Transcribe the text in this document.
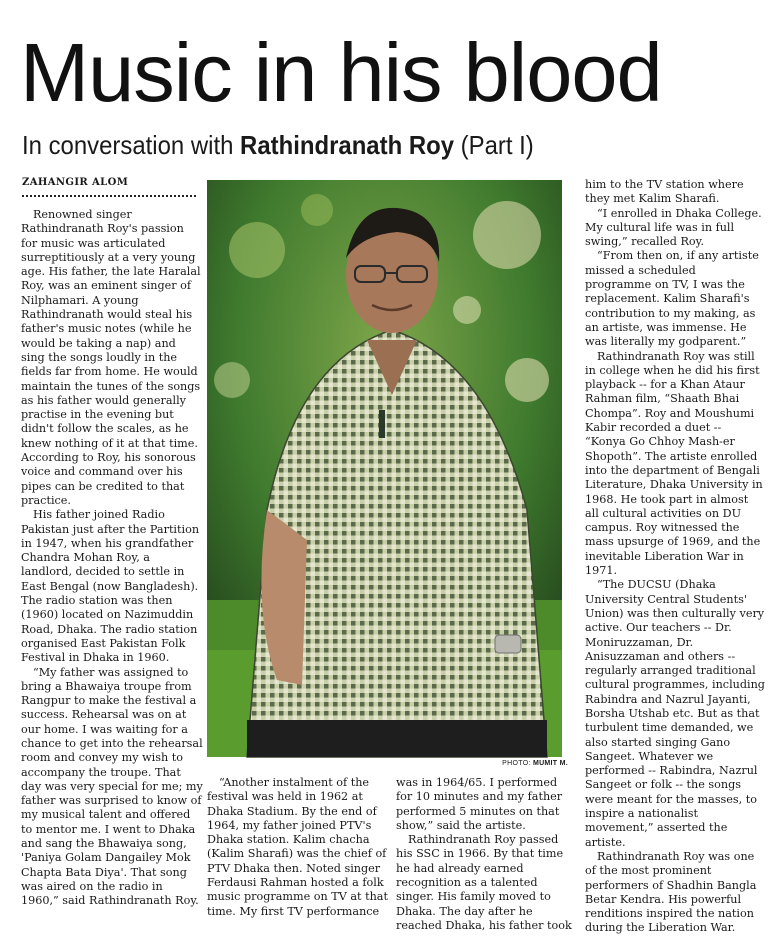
Music in his blood
In conversation with Rathindranath Roy (Part I)
ZAHANGIR ALOM

Renowned singer Rathindranath Roy's passion for music was articulated surreptitiously at a very young age. His father, the late Haralal Roy, was an eminent singer of Nilphamari. A young Rathindranath would steal his father's music notes (while he would be taking a nap) and sing the songs loudly in the fields far from home. He would maintain the tunes of the songs as his father would generally practise in the evening but didn't follow the scales, as he knew nothing of it at that time. According to Roy, his sonorous voice and command over his pipes can be credited to that practice.

His father joined Radio Pakistan just after the Partition in 1947, when his grandfather Chandra Mohan Roy, a landlord, decided to settle in East Bengal (now Bangladesh). The radio station was then (1960) located on Nazimuddin Road, Dhaka. The radio station organised East Pakistan Folk Festival in Dhaka in 1960.

“My father was assigned to bring a Bhawaiya troupe from Rangpur to make the festival a success. Rehearsal was on at our home. I was waiting for a chance to get into the rehearsal room and convey my wish to accompany the troupe. That day was very special for me; my father was surprised to know of my musical talent and offered to mentor me. I went to Dhaka and sang the Bhawaiya song, 'Paniya Golam Dangailey Mok Chapta Bata Diya'. That song was aired on the radio in 1960,” said Rathindranath Roy.

PHOTO: MUMIT M.

“Another instalment of the festival was held in 1962 at Dhaka Stadium. By the end of 1964, my father joined PTV's Dhaka station. Kalim chacha (Kalim Sharafi) was the chief of PTV Dhaka then. Noted singer Ferdausi Rahman hosted a folk music programme on TV at that time. My first TV performance

was in 1964/65. I performed for 10 minutes and my father performed 5 minutes on that show,” said the artiste.

Rathindranath Roy passed his SSC in 1966. By that time he had already earned recognition as a talented singer. His family moved to Dhaka. The day after he reached Dhaka, his father took

him to the TV station where they met Kalim Sharafi.

“I enrolled in Dhaka College. My cultural life was in full swing,” recalled Roy.

“From then on, if any artiste missed a scheduled programme on TV, I was the replacement. Kalim Sharafi's contribution to my making, as an artiste, was immense. He was literally my godparent.”

Rathindranath Roy was still in college when he did his first playback -- for a Khan Ataur Rahman film, “Shaath Bhai Chompa”. Roy and Moushumi Kabir recorded a duet -- “Konya Go Chhoy Mash-er Shopoth”. The artiste enrolled into the department of Bengali Literature, Dhaka University in 1968. He took part in almost all cultural activities on DU campus. Roy witnessed the mass upsurge of 1969, and the inevitable Liberation War in 1971.

“The DUCSU (Dhaka University Central Students' Union) was then culturally very active. Our teachers -- Dr. Moniruzzaman, Dr. Anisuzzaman and others -- regularly arranged traditional cultural programmes, including Rabindra and Nazrul Jayanti, Borsha Utshab etc. But as that turbulent time demanded, we also started singing Gano Sangeet. Whatever we performed -- Rabindra, Nazrul Sangeet or folk -- the songs were meant for the masses, to inspire a nationalist movement,” asserted the artiste.

Rathindranath Roy was one of the most prominent performers of Shadhin Bangla Betar Kendra. His powerful renditions inspired the nation during the Liberation War.
